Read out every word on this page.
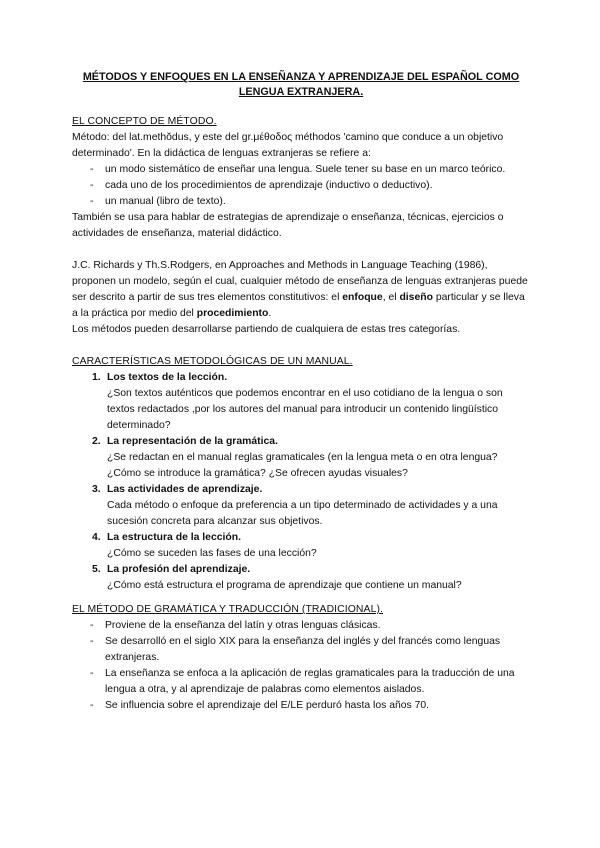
MÉTODOS Y ENFOQUES EN LA ENSEÑANZA Y APRENDIZAJE DEL ESPAÑOL COMO LENGUA EXTRANJERA.
EL CONCEPTO DE MÉTODO.

Método: del lat.methŏdus, y este del gr.μέθοδος méthodos 'camino que conduce a un objetivo determinado'. En la didáctica de lenguas extranjeras se refiere a:

- un modo sistemático de enseñar una lengua. Suele tener su base en un marco teórico.
- cada uno de los procedimientos de aprendizaje (inductivo o deductivo).
- un manual (libro de texto).

También se usa para hablar de estrategias de aprendizaje o enseñanza, técnicas, ejercicios o actividades de enseñanza, material didáctico.

J.C. Richards y Th.S.Rodgers, en Approaches and Methods in Language Teaching (1986), proponen un modelo, según el cual, cualquier método de enseñanza de lenguas extranjeras puede ser descrito a partir de sus tres elementos constitutivos: el enfoque, el diseño particular y se lleva a la práctica por medio del procedimiento.

Los métodos pueden desarrollarse partiendo de cualquiera de estas tres categorías.

CARACTERÍSTICAS METODOLÓGICAS DE UN MANUAL.
1. Los textos de la lección.
¿Son textos auténticos que podemos encontrar en el uso cotidiano de la lengua o son textos redactados ,por los autores del manual para introducir un contenido lingüístico determinado?
2. La representación de la gramática.
¿Se redactan en el manual reglas gramaticales (en la lengua meta o en otra lengua? ¿Cómo se introduce la gramática? ¿Se ofrecen ayudas visuales?
3. Las actividades de aprendizaje.
Cada método o enfoque da preferencia a un tipo determinado de actividades y a una sucesión concreta para alcanzar sus objetivos.
4. La estructura de la lección.
¿Cómo se suceden las fases de una lección?
5. La profesión del aprendizaje.
¿Cómo está estructura el programa de aprendizaje que contiene un manual?
EL MÉTODO DE GRAMÁTICA Y TRADUCCIÓN (TRADICIONAL).
- Proviene de la enseñanza del latín y otras lenguas clásicas.
- Se desarrolló en el siglo XIX para la enseñanza del inglés y del francés como lenguas extranjeras.
- La enseñanza se enfoca a la aplicación de reglas gramaticales para la traducción de una lengua a otra, y al aprendizaje de palabras como elementos aislados.
- Se influencia sobre el aprendizaje del E/LE perduró hasta los años 70.
